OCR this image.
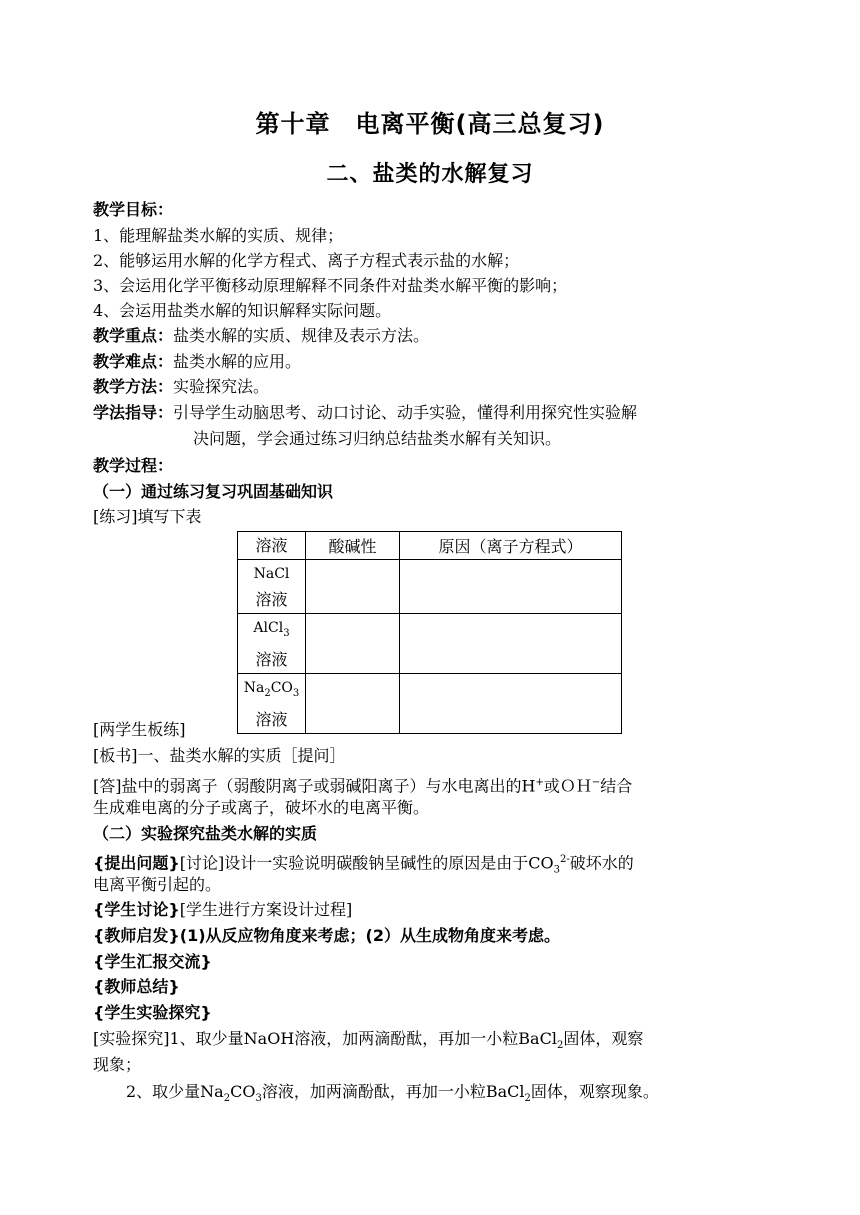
第十章　电离平衡(高三总复习)
二、盐类的水解复习
教学目标：
1、能理解盐类水解的实质、规律；
2、能够运用水解的化学方程式、离子方程式表示盐的水解；
3、会运用化学平衡移动原理解释不同条件对盐类水解平衡的影响；
4、会运用盐类水解的知识解释实际问题。
教学重点：盐类水解的实质、规律及表示方法。
教学难点：盐类水解的应用。
教学方法：实验探究法。
学法指导：引导学生动脑思考、动口讨论、动手实验，懂得利用探究性实验解
决问题，学会通过练习归纳总结盐类水解有关知识。
教学过程：
（一）通过练习复习巩固基础知识
[练习]填写下表
溶液	酸碱性	原因（离子方程式）

NaCl
溶液		

AlCl$_3$
溶液		

$Na_2CO_3$
溶液		

[两学生板练]
[板书]一、盐类水解的实质［提问］
[答]盐中的弱离子（弱酸阴离子或弱碱阳离子）与水电离出的H+或ＯＨ−结合
生成难电离的分子或离子，破坏水的电离平衡。
（二）实验探究盐类水解的实质
{提出问题}[讨论]设计一实验说明碳酸钠呈碱性的原因是由于$CO_3^{2-}$破坏水的
电离平衡引起的。
{学生讨论}[学生进行方案设计过程]
{教师启发}(1)从反应物角度来考虑；(2）从生成物角度来考虑。
{学生汇报交流}
{教师总结}
{学生实验探究}
[实验探究]1、取少量NaOH溶液，加两滴酚酞，再加一小粒BaCl$_2$固体，观察
现象；
2、取少量$Na_2CO_3$溶液，加两滴酚酞，再加一小粒BaCl$_2$固体，观察现象。
